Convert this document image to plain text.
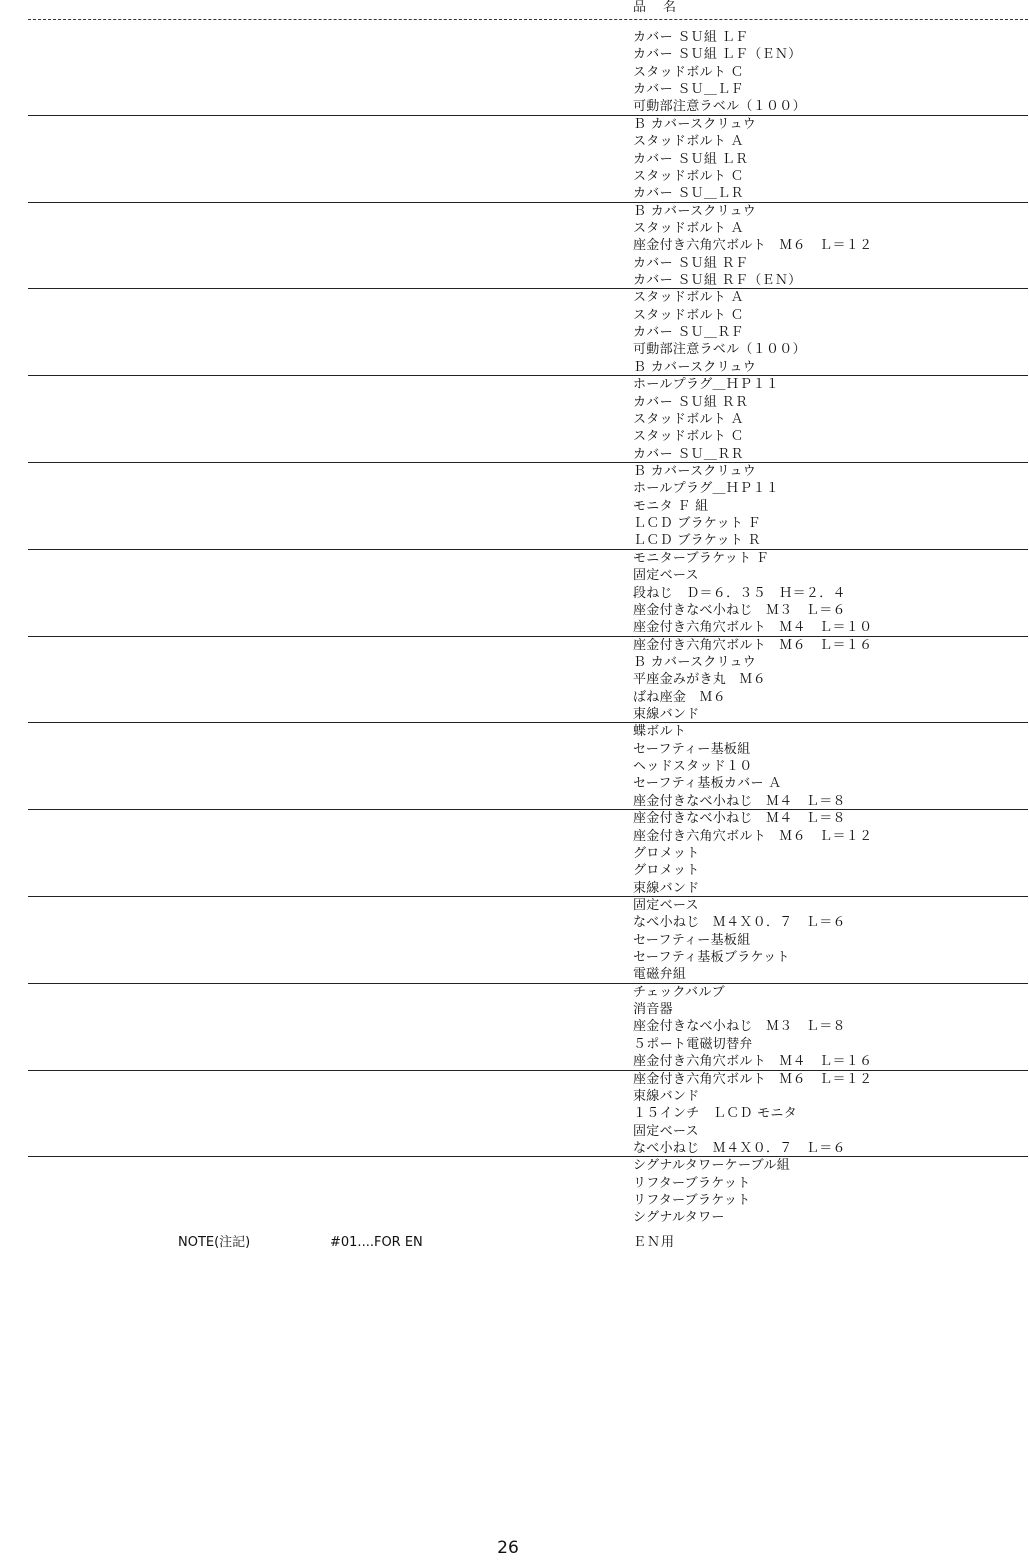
品　名
カバー ＳＵ組 ＬＦ
カバー ＳＵ組 ＬＦ（ＥＮ）
スタッドボルト Ｃ
カバー ＳＵ＿ＬＦ
可動部注意ラベル（１００）
Ｂ カバースクリュウ
スタッドボルト Ａ
カバー ＳＵ組 ＬＲ
スタッドボルト Ｃ
カバー ＳＵ＿ＬＲ
Ｂ カバースクリュウ
スタッドボルト Ａ
座金付き六角穴ボルト　Ｍ６　Ｌ＝１２
カバー ＳＵ組 ＲＦ
カバー ＳＵ組 ＲＦ（ＥＮ）
スタッドボルト Ａ
スタッドボルト Ｃ
カバー ＳＵ＿ＲＦ
可動部注意ラベル（１００）
Ｂ カバースクリュウ
ホールプラグ＿ＨＰ１１
カバー ＳＵ組 ＲＲ
スタッドボルト Ａ
スタッドボルト Ｃ
カバー ＳＵ＿ＲＲ
Ｂ カバースクリュウ
ホールプラグ＿ＨＰ１１
モニタ Ｆ 組
ＬＣＤ ブラケット Ｆ
ＬＣＤ ブラケット Ｒ
モニターブラケット Ｆ
固定ベース
段ねじ　Ｄ＝６．３５　Ｈ＝２．４
座金付きなべ小ねじ　Ｍ３　Ｌ＝６
座金付き六角穴ボルト　Ｍ４　Ｌ＝１０
座金付き六角穴ボルト　Ｍ６　Ｌ＝１６
Ｂ カバースクリュウ
平座金みがき丸　Ｍ６
ばね座金　Ｍ６
束線バンド
蝶ボルト
セーフティー基板組
ヘッドスタッド１０
セーフティ基板カバー Ａ
座金付きなべ小ねじ　Ｍ４　Ｌ＝８
座金付きなべ小ねじ　Ｍ４　Ｌ＝８
座金付き六角穴ボルト　Ｍ６　Ｌ＝１２
グロメット
グロメット
束線バンド
固定ベース
なべ小ねじ　Ｍ４Ｘ０．７　Ｌ＝６
セーフティー基板組
セーフティ基板ブラケット
電磁弁組
チェックバルブ
消音器
座金付きなべ小ねじ　Ｍ３　Ｌ＝８
５ポート電磁切替弁
座金付き六角穴ボルト　Ｍ４　Ｌ＝１６
座金付き六角穴ボルト　Ｍ６　Ｌ＝１２
束線バンド
１５インチ　ＬＣＤ モニタ
固定ベース
なべ小ねじ　Ｍ４Ｘ０．７　Ｌ＝６
シグナルタワーケーブル組
リフターブラケット
リフターブラケット
シグナルタワー
NOTE(注記)	#01....FOR EN	ＥＮ用
26
